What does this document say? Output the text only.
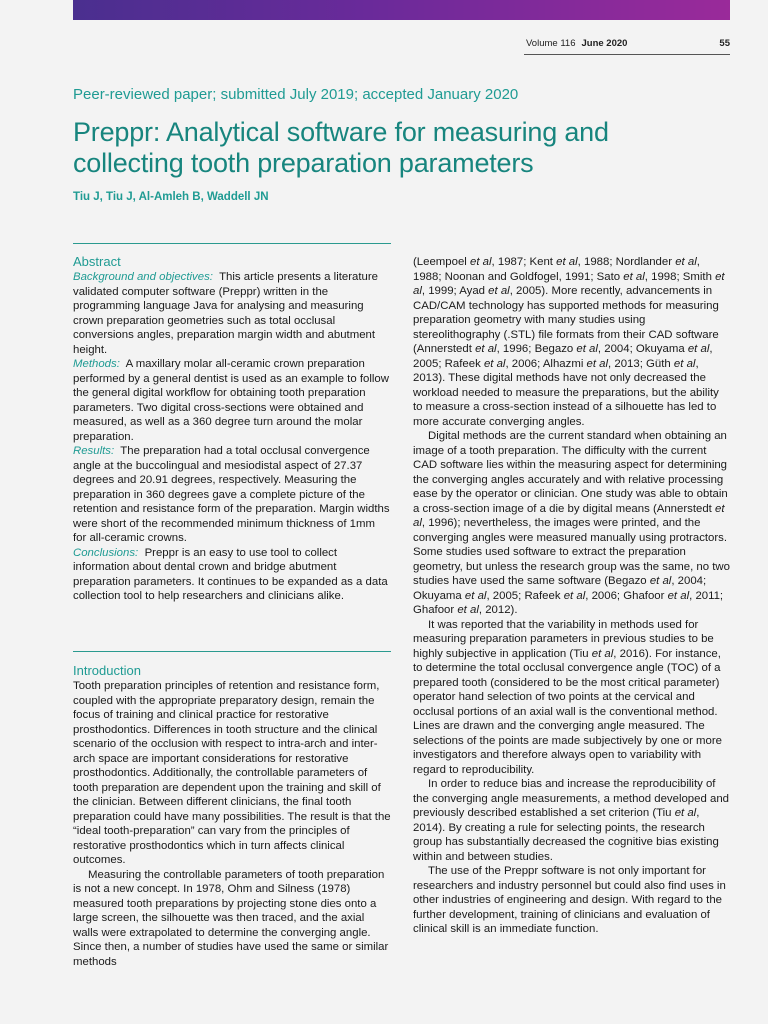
Volume 116 June 2020	55
Peer-reviewed paper; submitted July 2019; accepted January 2020
Preppr: Analytical software for measuring and
collecting tooth preparation parameters
Tiu J, Tiu J, Al-Amleh B, Waddell JN
Abstract

Background and objectives: This article presents a literature validated computer software (Preppr) written in the programming language Java for analysing and measuring crown preparation geometries such as total occlusal conversions angles, preparation margin width and abutment height.

Methods: A maxillary molar all-ceramic crown preparation performed by a general dentist is used as an example to follow the general digital workflow for obtaining tooth preparation parameters. Two digital cross-sections were obtained and measured, as well as a 360 degree turn around the molar preparation.

Results: The preparation had a total occlusal convergence angle at the buccolingual and mesiodistal aspect of 27.37 degrees and 20.91 degrees, respectively. Measuring the preparation in 360 degrees gave a complete picture of the retention and resistance form of the preparation. Margin widths were short of the recommended minimum thickness of 1mm for all-ceramic crowns.

Conclusions: Preppr is an easy to use tool to collect information about dental crown and bridge abutment preparation parameters. It continues to be expanded as a data collection tool to help researchers and clinicians alike.

Introduction

Tooth preparation principles of retention and resistance form, coupled with the appropriate preparatory design, remain the focus of training and clinical practice for restorative prosthodontics. Differences in tooth structure and the clinical scenario of the occlusion with respect to intra-arch and inter-arch space are important considerations for restorative prosthodontics. Additionally, the controllable parameters of tooth preparation are dependent upon the training and skill of the clinician. Between different clinicians, the final tooth preparation could have many possibilities. The result is that the “ideal tooth-preparation” can vary from the principles of restorative prosthodontics which in turn affects clinical outcomes.

Measuring the controllable parameters of tooth preparation is not a new concept. In 1978, Ohm and Silness (1978) measured tooth preparations by projecting stone dies onto a large screen, the silhouette was then traced, and the axial walls were extrapolated to determine the converging angle. Since then, a number of studies have used the same or similar methods

(Leempoel et al, 1987; Kent et al, 1988; Nordlander et al, 1988; Noonan and Goldfogel, 1991; Sato et al, 1998; Smith et al, 1999; Ayad et al, 2005). More recently, advancements in CAD/CAM technology has supported methods for measuring preparation geometry with many studies using stereolithography (.STL) file formats from their CAD software (Annerstedt et al, 1996; Begazo et al, 2004; Okuyama et al, 2005; Rafeek et al, 2006; Alhazmi et al, 2013; Güth et al, 2013). These digital methods have not only decreased the workload needed to measure the preparations, but the ability to measure a cross-section instead of a silhouette has led to more accurate converging angles.

Digital methods are the current standard when obtaining an image of a tooth preparation. The difficulty with the current CAD software lies within the measuring aspect for determining the converging angles accurately and with relative processing ease by the operator or clinician. One study was able to obtain a cross-section image of a die by digital means (Annerstedt et al, 1996); nevertheless, the images were printed, and the converging angles were measured manually using protractors. Some studies used software to extract the preparation geometry, but unless the research group was the same, no two studies have used the same software (Begazo et al, 2004; Okuyama et al, 2005; Rafeek et al, 2006; Ghafoor et al, 2011; Ghafoor et al, 2012).

It was reported that the variability in methods used for measuring preparation parameters in previous studies to be highly subjective in application (Tiu et al, 2016). For instance, to determine the total occlusal convergence angle (TOC) of a prepared tooth (considered to be the most critical parameter) operator hand selection of two points at the cervical and occlusal portions of an axial wall is the conventional method. Lines are drawn and the converging angle measured. The selections of the points are made subjectively by one or more investigators and therefore always open to variability with regard to reproducibility.

In order to reduce bias and increase the reproducibility of the converging angle measurements, a method developed and previously described established a set criterion (Tiu et al, 2014). By creating a rule for selecting points, the research group has substantially decreased the cognitive bias existing within and between studies.

The use of the Preppr software is not only important for researchers and industry personnel but could also find uses in other industries of engineering and design. With regard to the further development, training of clinicians and evaluation of clinical skill is an immediate function.
